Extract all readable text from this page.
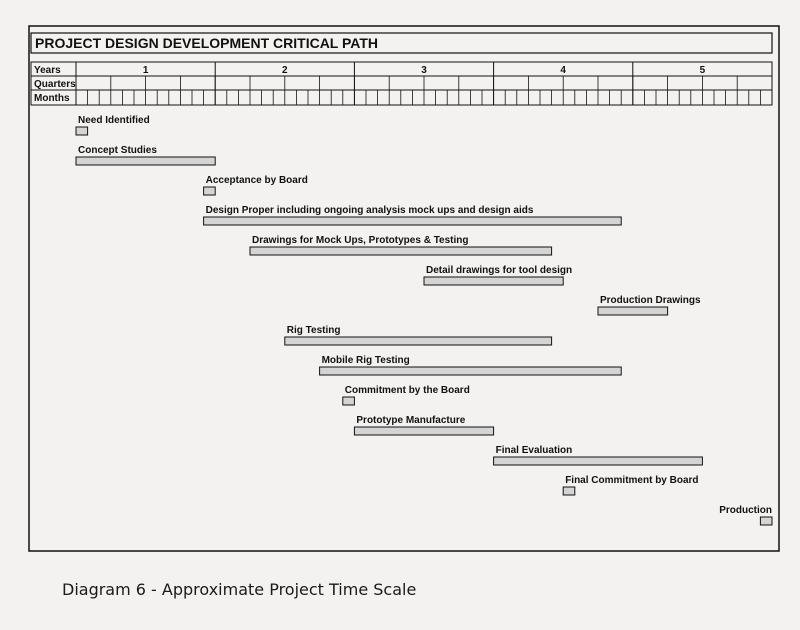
PROJECT DESIGN DEVELOPMENT CRITICAL PATH
Years
Quarters
Months
1	2	3	4	5
Need Identified
Concept Studies
Acceptance by Board
Design Proper including ongoing analysis mock ups and design aids
Drawings for Mock Ups, Prototypes & Testing
Detail drawings for tool design
Production Drawings
Rig Testing
Mobile Rig Testing
Commitment by the Board
Prototype Manufacture
Final Evaluation
Final Commitment by Board
Production
Diagram 6 - Approximate Project Time Scale
